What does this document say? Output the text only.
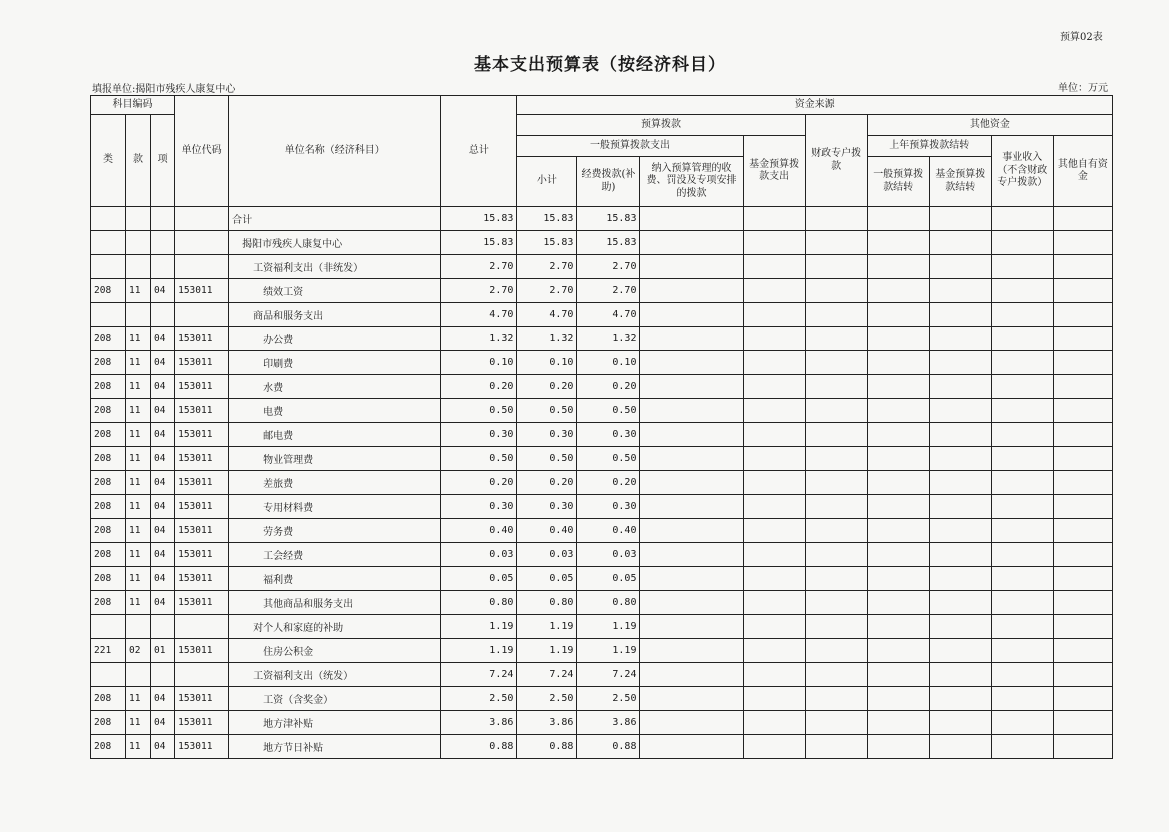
预算02表
基本支出预算表（按经济科目）
填报单位:揭阳市残疾人康复中心	单位：万元
科目编码			单位代码	单位名称（经济科目）	总计	资金来源								
类	款	项				预算拨款				财政专户拨款	其他资金			
						一般预算拨款支出			基金预算拨款支出		上年预算拨款结转		事业收入（不含财政专户拨款）	其他自有资金
						小计	经费拨款(补助)	纳入预算管理的收费、罚没及专项安排的拨款			一般预算拨款结转	基金预算拨款结转		
				合计	15.83	15.83	15.83							
				揭阳市残疾人康复中心	15.83	15.83	15.83							
				工资福利支出（非统发）	2.70	2.70	2.70							
208	11	04	153011	绩效工资	2.70	2.70	2.70							
				商品和服务支出	4.70	4.70	4.70							
208	11	04	153011	办公费	1.32	1.32	1.32							
208	11	04	153011	印刷费	0.10	0.10	0.10							
208	11	04	153011	水费	0.20	0.20	0.20							
208	11	04	153011	电费	0.50	0.50	0.50							
208	11	04	153011	邮电费	0.30	0.30	0.30							
208	11	04	153011	物业管理费	0.50	0.50	0.50							
208	11	04	153011	差旅费	0.20	0.20	0.20							
208	11	04	153011	专用材料费	0.30	0.30	0.30							
208	11	04	153011	劳务费	0.40	0.40	0.40							
208	11	04	153011	工会经费	0.03	0.03	0.03							
208	11	04	153011	福利费	0.05	0.05	0.05							
208	11	04	153011	其他商品和服务支出	0.80	0.80	0.80							
				对个人和家庭的补助	1.19	1.19	1.19							
221	02	01	153011	住房公积金	1.19	1.19	1.19							
				工资福利支出（统发）	7.24	7.24	7.24							
208	11	04	153011	工资（含奖金）	2.50	2.50	2.50							
208	11	04	153011	地方津补贴	3.86	3.86	3.86							
208	11	04	153011	地方节日补贴	0.88	0.88	0.88							
